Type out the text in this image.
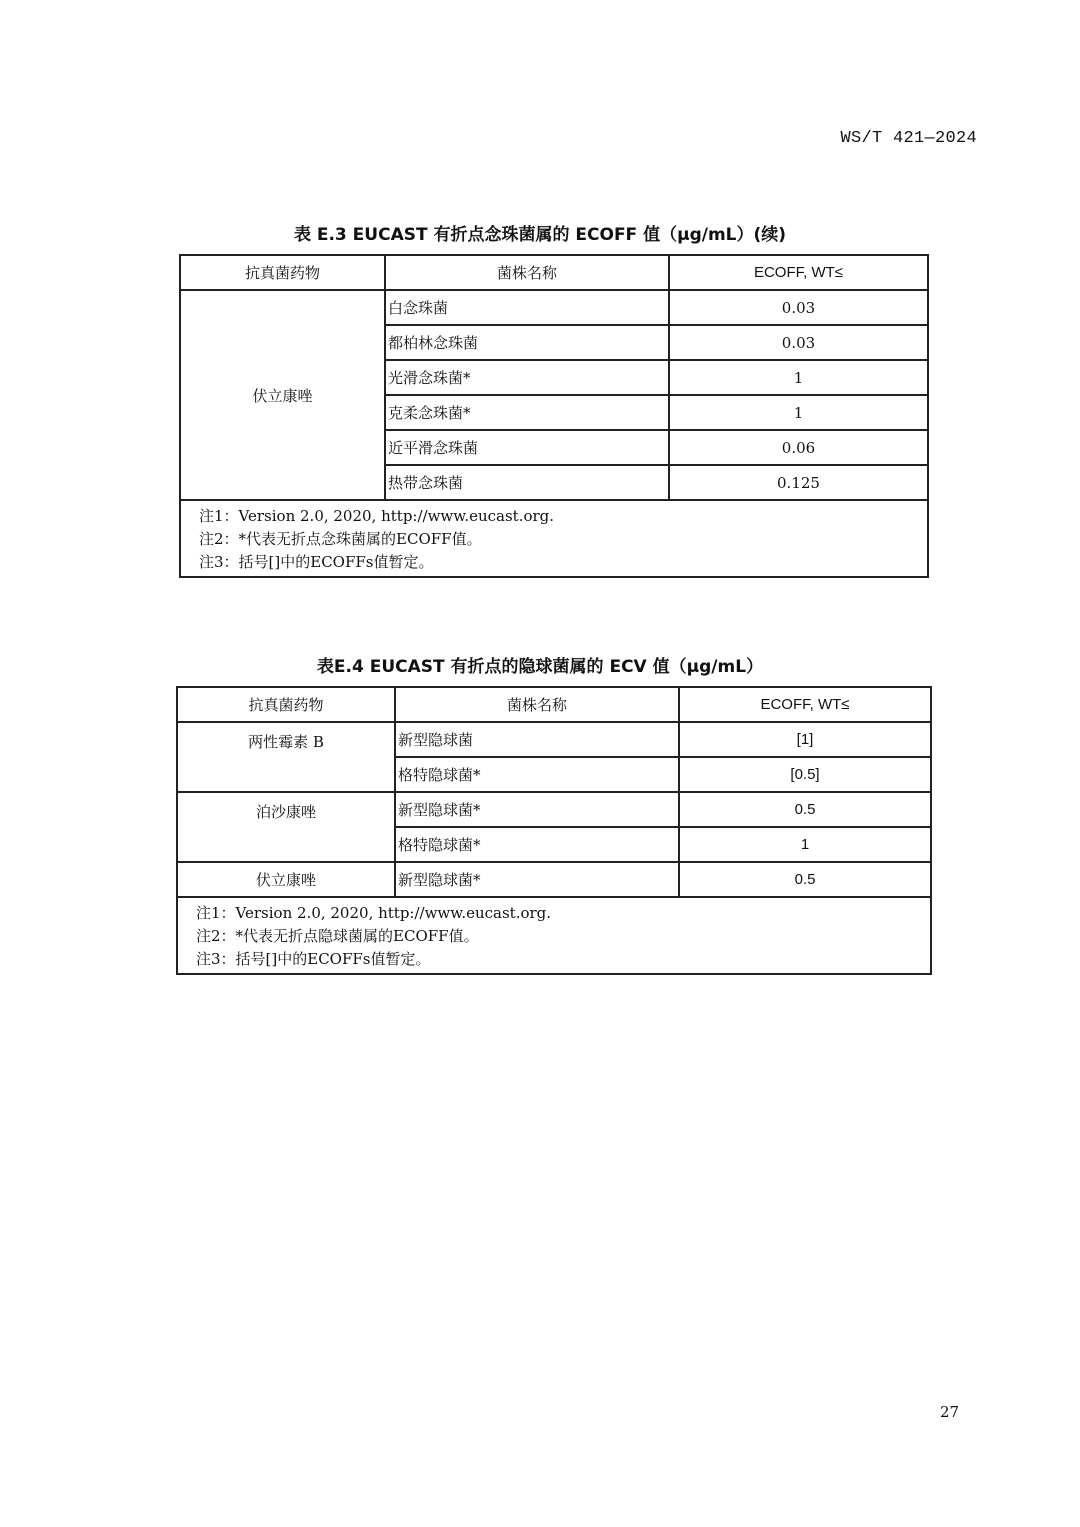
WS/T 421—2024
表 E.3 EUCAST 有折点念珠菌属的 ECOFF 值（μg/mL）(续)
抗真菌药物	菌株名称	ECOFF, WT≤
伏立康唑	白念珠菌	0.03
	都柏林念珠菌	0.03
	光滑念珠菌*	1
	克柔念珠菌*	1
	近平滑念珠菌	0.06
	热带念珠菌	0.125

注1：Version 2.0, 2020, http://www.eucast.org.
注2：*代表无折点念珠菌属的ECOFF值。
注3：括号[]中的ECOFFs值暂定。		
表E.4 EUCAST 有折点的隐球菌属的 ECV 值（μg/mL）
抗真菌药物	菌株名称	ECOFF, WT≤
两性霉素 B	新型隐球菌	[1]
	格特隐球菌*	[0.5]
泊沙康唑	新型隐球菌*	0.5
	格特隐球菌*	1
伏立康唑	新型隐球菌*	0.5

注1：Version 2.0, 2020, http://www.eucast.org.
注2：*代表无折点隐球菌属的ECOFF值。
注3：括号[]中的ECOFFs值暂定。		
27
